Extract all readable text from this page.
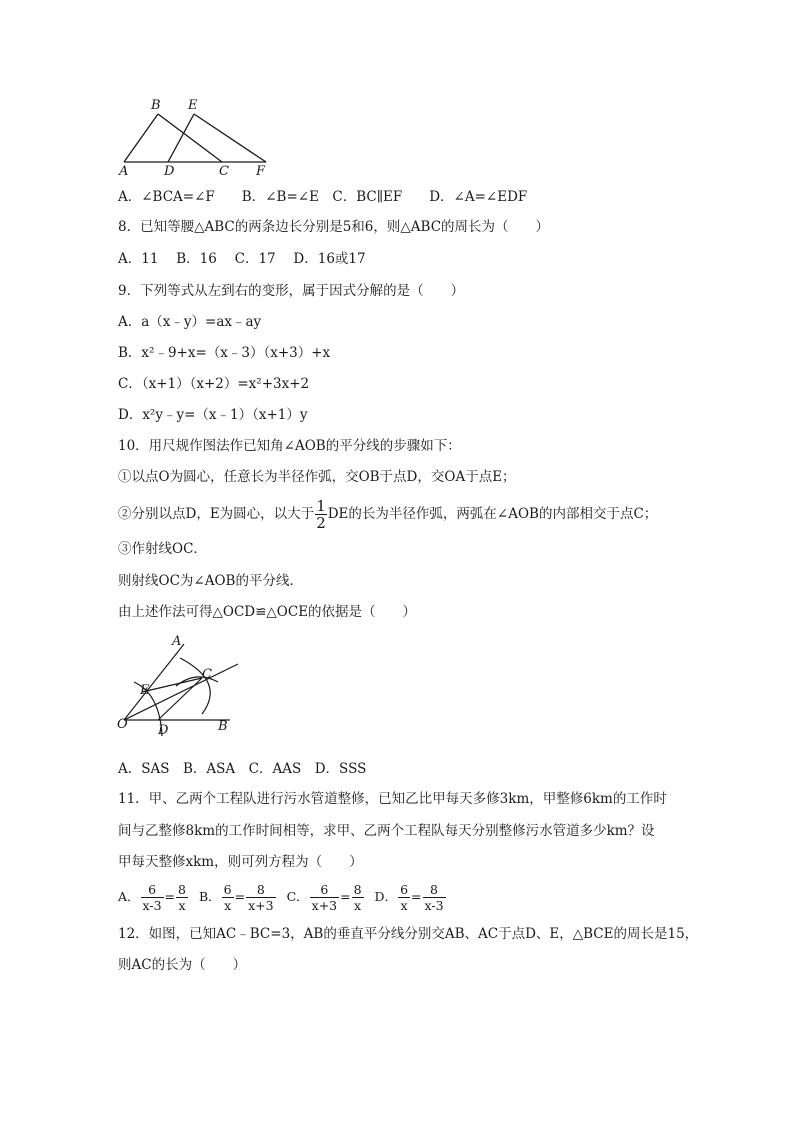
B E
A	D	C F
A．∠BCA=∠F　　B．∠B=∠E　C．BC∥EF　　D．∠A=∠EDF
8．已知等腰△ABC的两条边长分别是5和6，则△ABC的周长为（　　）
A．11　 B．16　 C．17　 D．16或17
9．下列等式从左到右的变形，属于因式分解的是（　　）
A．a（x﹣y）=ax﹣ay
B．x²﹣9+x=（x﹣3）（x+3）+x
C．（x+1）（x+2）=x²+3x+2
D．x²y﹣y=（x﹣1）（x+1）y
10．用尺规作图法作已知角∠AOB的平分线的步骤如下：
①以点O为圆心，任意长为半径作弧，交OB于点D，交OA于点E；
②分别以点D，E为圆心，以大于 $\frac{1}{2}$ DE的长为半径作弧，两弧在∠AOB的内部相交于点C；
③作射线OC．
则射线OC为∠AOB的平分线．
由上述作法可得△OCD≌△OCE的依据是（　　）
A
C
E
O D	B
A．SAS　B．ASA　C．AAS　D．SSS
11．甲、乙两个工程队进行污水管道整修，已知乙比甲每天多修3km，甲整修6km的工作时
间与乙整修8km的工作时间相等，求甲、乙两个工程队每天分别整修污水管道多少km？设
甲每天整修xkm，则可列方程为（　　）
A． $\frac{6}{x-3} = \frac{8}{x}$ B． $\frac{6}{x} = \frac{8}{x+3}$ C． $\frac{6}{x+3} = \frac{8}{x}$ D． $\frac{6}{x} = \frac{8}{x-3}$
12．如图，已知AC﹣BC=3，AB的垂直平分线分别交AB、AC于点D、E，△BCE的周长是15，
则AC的长为（　　）
